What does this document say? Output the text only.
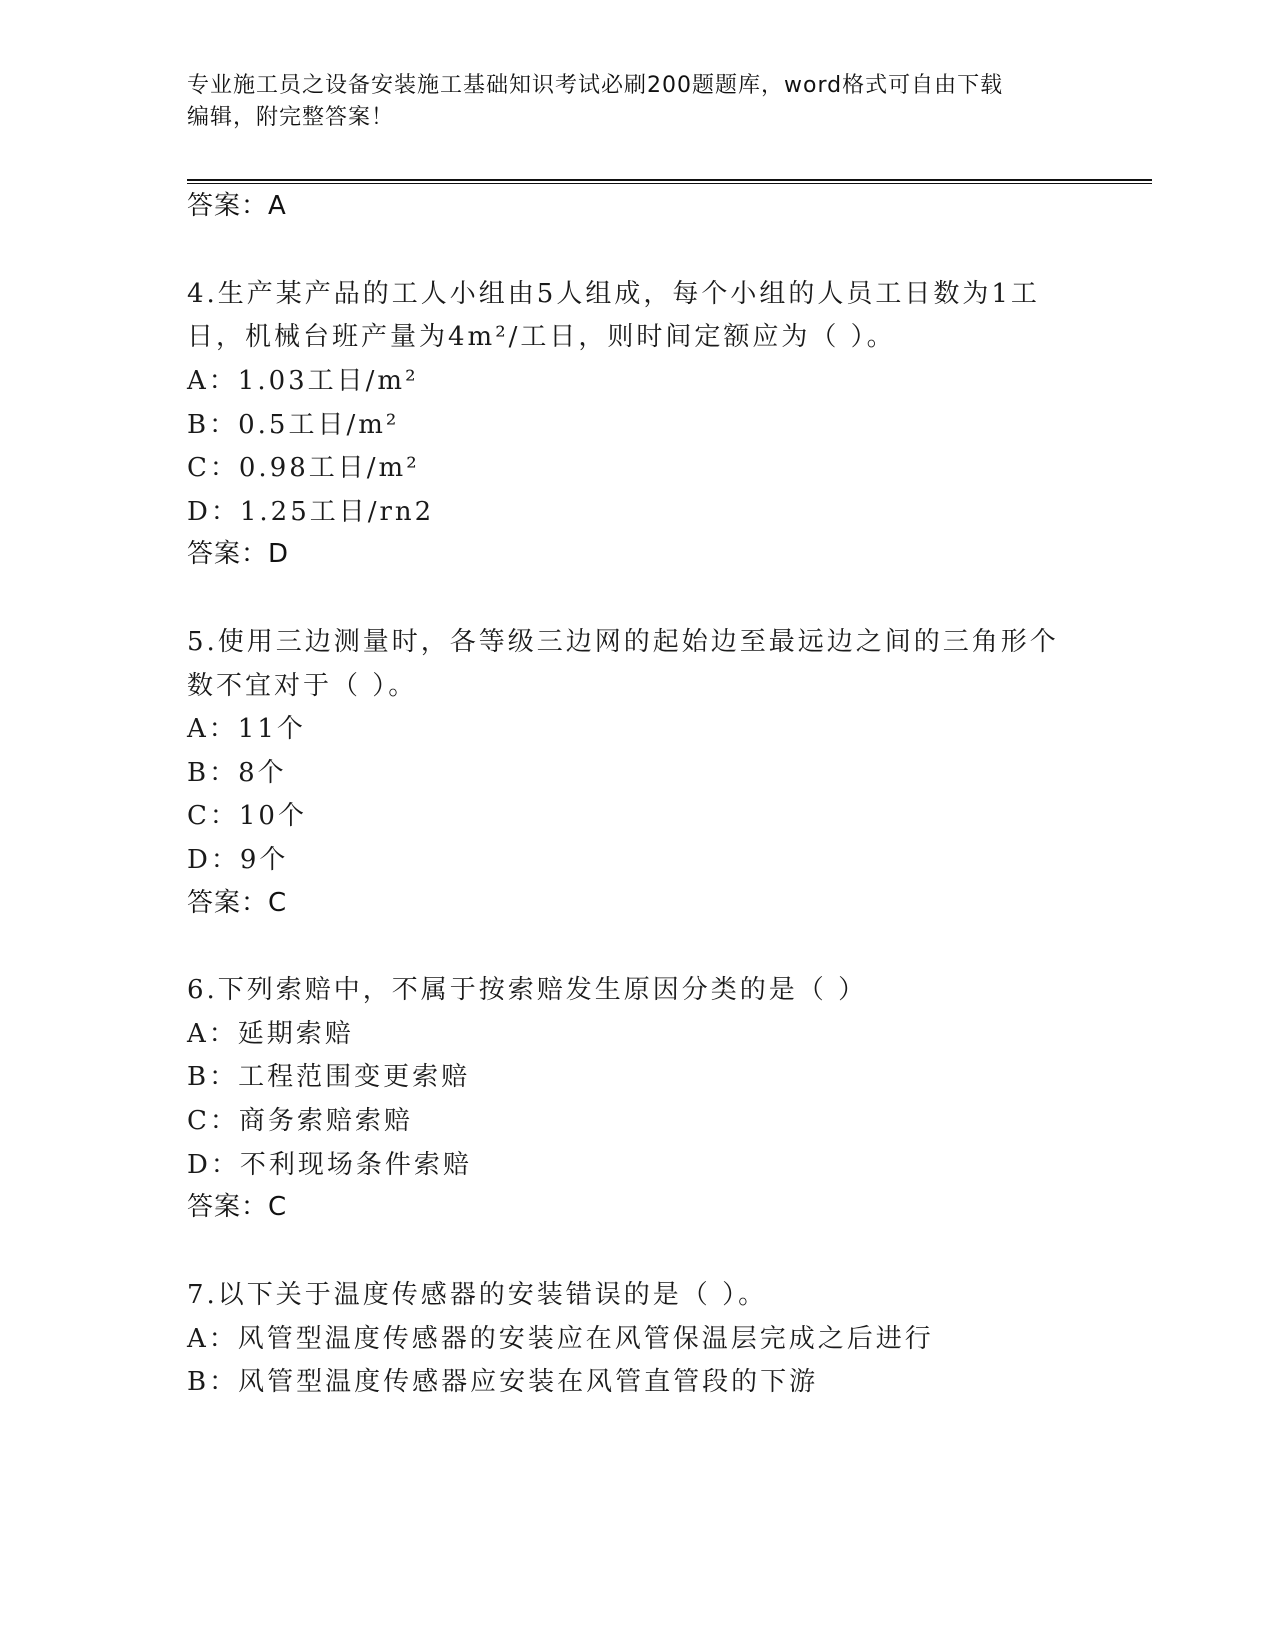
专业施工员之设备安装施工基础知识考试必刷200题题库，word格式可自由下载
编辑，附完整答案！
答案：A
4.生产某产品的工人小组由5人组成，每个小组的人员工日数为1工
日，机械台班产量为4m²/工日，则时间定额应为（ ）。
A：1.03工日/m²
B：0.5工日/m²
C：0.98工日/m²
D：1.25工日/rn2
答案：D
5.使用三边测量时，各等级三边网的起始边至最远边之间的三角形个
数不宜对于（ ）。
A：11个
B：8个
C：10个
D：9个
答案：C
6.下列索赔中，不属于按索赔发生原因分类的是（ ）
A：延期索赔
B：工程范围变更索赔
C：商务索赔索赔
D：不利现场条件索赔
答案：C
7.以下关于温度传感器的安装错误的是（ ）。
A：风管型温度传感器的安装应在风管保温层完成之后进行
B：风管型温度传感器应安装在风管直管段的下游
